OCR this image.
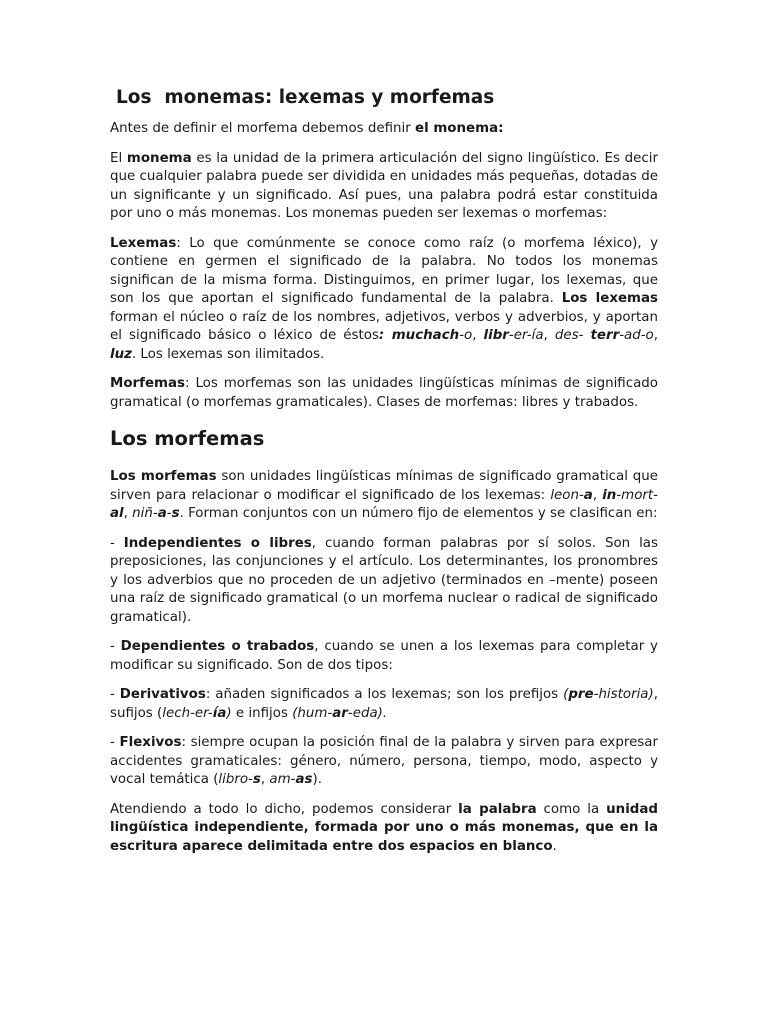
Los  monemas: lexemas y morfemas

Antes de definir el morfema debemos definir el monema:

El monema es la unidad de la primera articulación del signo lingüístico. Es decir que cualquier palabra puede ser dividida en unidades más pequeñas, dotadas de un significante y un significado. Así pues, una palabra podrá estar constituida por uno o más monemas. Los monemas pueden ser lexemas o morfemas:

Lexemas: Lo que comúnmente se conoce como raíz (o morfema léxico), y contiene en germen el significado de la palabra. No todos los monemas significan de la misma forma. Distinguimos, en primer lugar, los lexemas, que son los que aportan el significado fundamental de la palabra. Los lexemas forman el núcleo o raíz de los nombres, adjetivos, verbos y adverbios, y aportan el significado básico o léxico de éstos: muchach-o, libr-er-ía, des- terr-ad-o, luz. Los lexemas son ilimitados.

Morfemas: Los morfemas son las unidades lingüísticas mínimas de significado gramatical (o morfemas gramaticales). Clases de morfemas: libres y trabados.

Los morfemas

Los morfemas son unidades lingüísticas mínimas de significado gramatical que sirven para relacionar o modificar el significado de los lexemas: leon-a, in-mort-al, niñ-a-s. Forman conjuntos con un número fijo de elementos y se clasifican en:

- Independientes o libres, cuando forman palabras por sí solos. Son las preposiciones, las conjunciones y el artículo. Los determinantes, los pronombres y los adverbios que no proceden de un adjetivo (terminados en –mente) poseen una raíz de significado gramatical (o un morfema nuclear o radical de significado gramatical).

- Dependientes o trabados, cuando se unen a los lexemas para completar y modificar su significado. Son de dos tipos:

- Derivativos: añaden significados a los lexemas; son los prefijos (pre-historia), sufijos (lech-er-ía) e infijos (hum-ar-eda).

- Flexivos: siempre ocupan la posición final de la palabra y sirven para expresar accidentes gramaticales: género, número, persona, tiempo, modo, aspecto y vocal temática (libro-s, am-as).

Atendiendo a todo lo dicho, podemos considerar la palabra como la unidad lingüística independiente, formada por uno o más monemas, que en la escritura aparece delimitada entre dos espacios en blanco.
